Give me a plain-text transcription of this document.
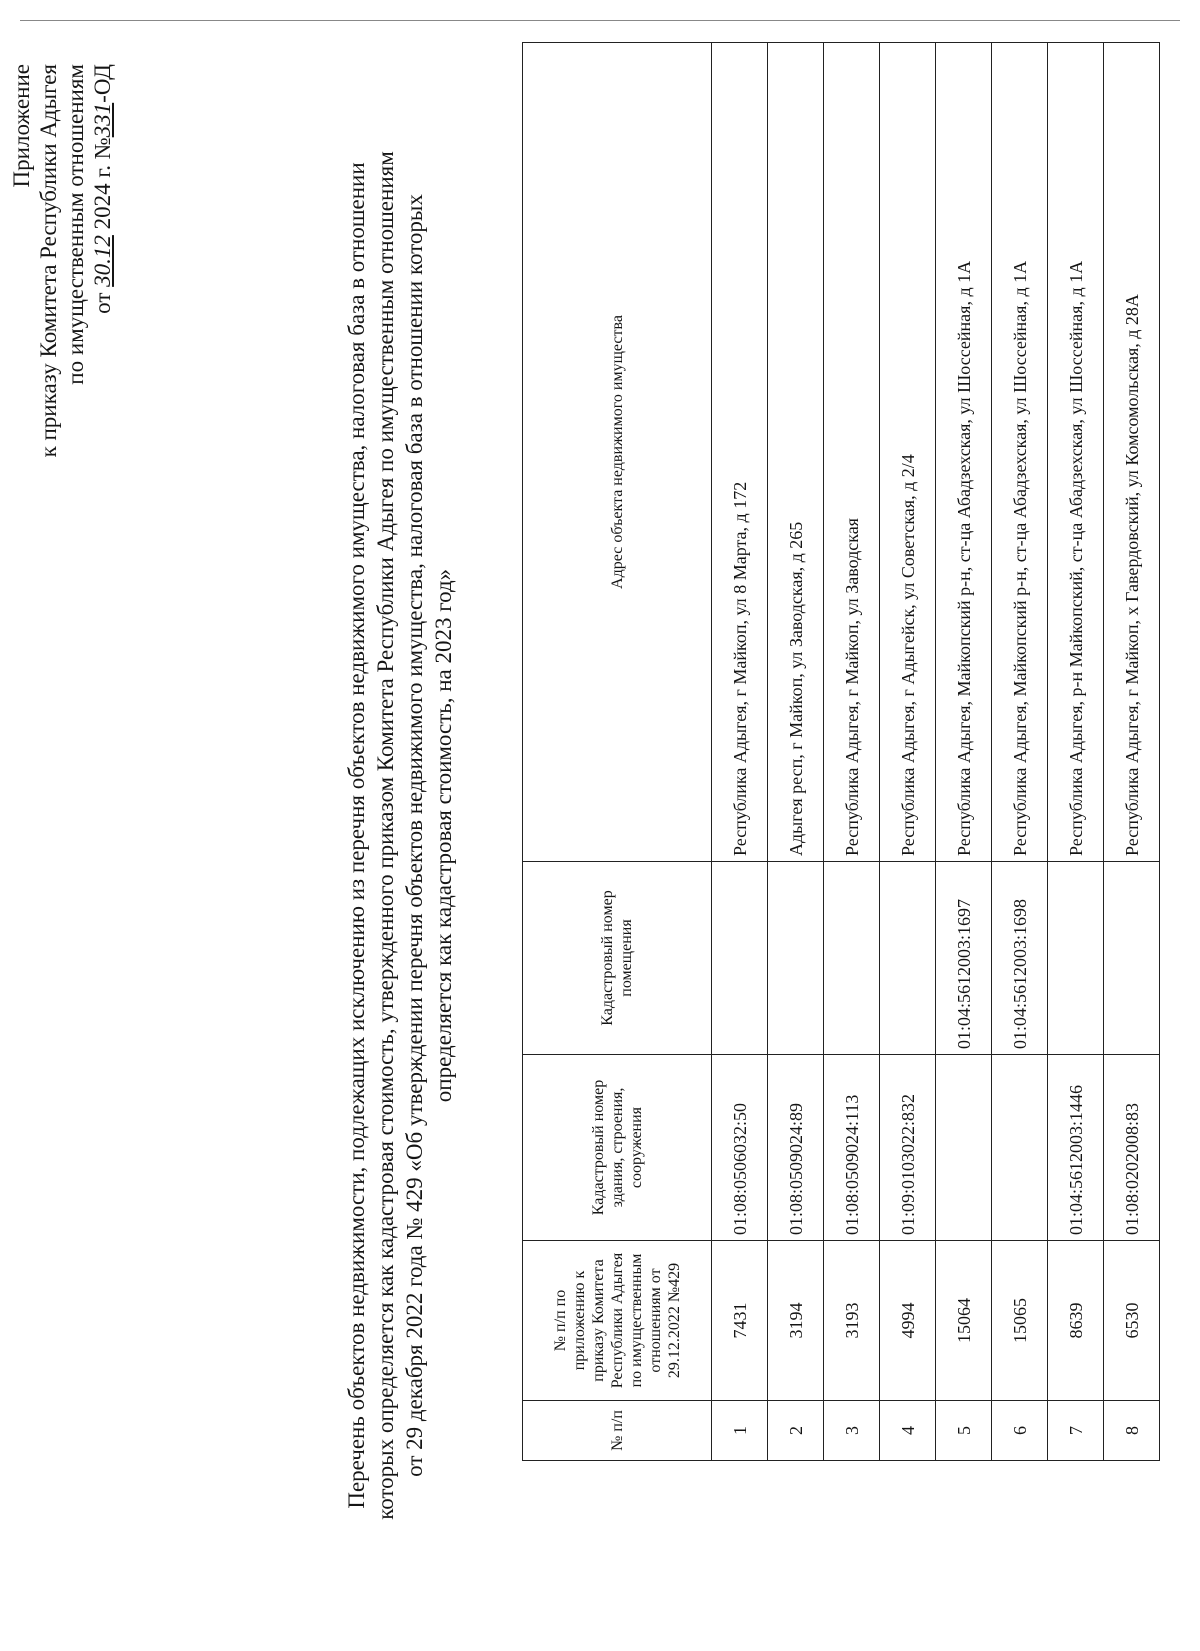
Приложение к приказу Комитета Республики Адыгея по имущественным отношениям от 30.12 2024 г. №331-ОД
Перечень объектов недвижимости, подлежащих исключению из перечня объектов недвижимого имущества, налоговая база в отношении которых определяется как кадастровая стоимость, утвержденного приказом Комитета Республики Адыгея по имущественным отношениям от 29 декабря 2022 года № 429 «Об утверждении перечня объектов недвижимого имущества, налоговая база в отношении которых определяется как кадастровая стоимость, на 2023 год»
№ п/п	№ п/п по приложению к приказу Комитета Республики Адыгея по имущественным отношениям от 29.12.2022 №429	Кадастровый номер здания, строения, сооружения	Кадастровый номер помещения	Адрес объекта недвижимого имущества
1	7431	01:08:0506032:50		Республика Адыгея, г Майкоп, ул 8 Марта, д 172
2	3194	01:08:0509024:89		Адыгея респ, г Майкоп, ул Заводская, д 265
3	3193	01:08:0509024:113		Республика Адыгея, г Майкоп, ул Заводская
4	4994	01:09:0103022:832		Республика Адыгея, г Адыгейск, ул Советская, д 2/4
5	15064		01:04:5612003:1697	Республика Адыгея, Майкопский р-н, ст-ца Абадзехская, ул Шоссейная, д 1А
6	15065		01:04:5612003:1698	Республика Адыгея, Майкопский р-н, ст-ца Абадзехская, ул Шоссейная, д 1А
7	8639	01:04:5612003:1446		Республика Адыгея, р-н Майкопский, ст-ца Абадзехская, ул Шоссейная, д 1А
8	6530	01:08:0202008:83		Республика Адыгея, г Майкоп, х Гавердовский, ул Комсомольская, д 28А
